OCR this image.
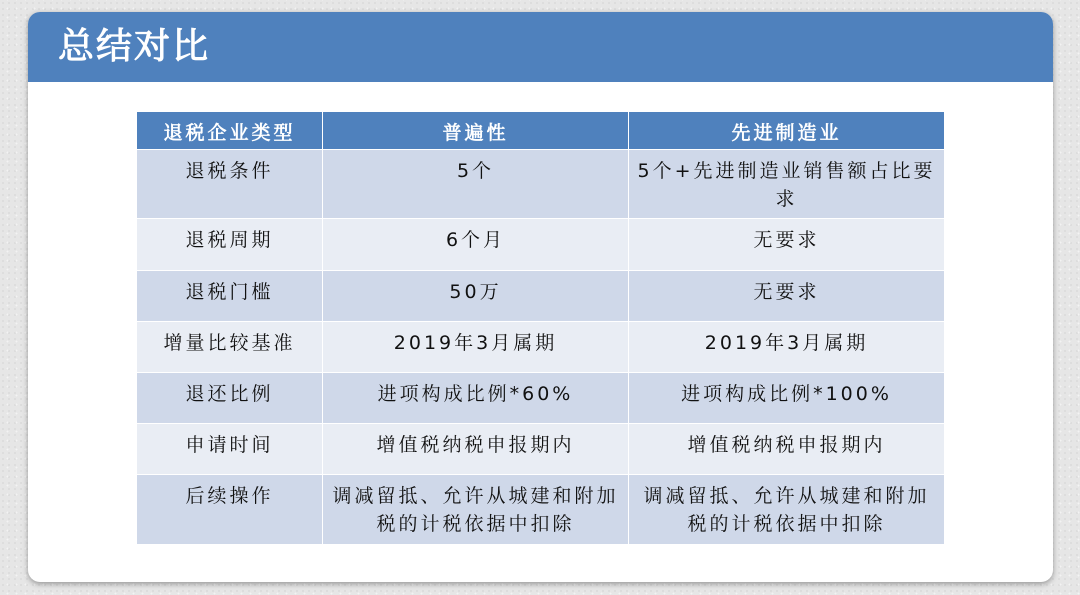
总结对比
退税企业类型	普遍性	先进制造业
退税条件	5个	5个+先进制造业销售额占比要求
退税周期	6个月	无要求
退税门槛	50万	无要求
增量比较基准	2019年3月属期	2019年3月属期
退还比例	进项构成比例*60%	进项构成比例*100%
申请时间	增值税纳税申报期内	增值税纳税申报期内
后续操作	调减留抵、允许从城建和附加税的计税依据中扣除	调减留抵、允许从城建和附加税的计税依据中扣除
